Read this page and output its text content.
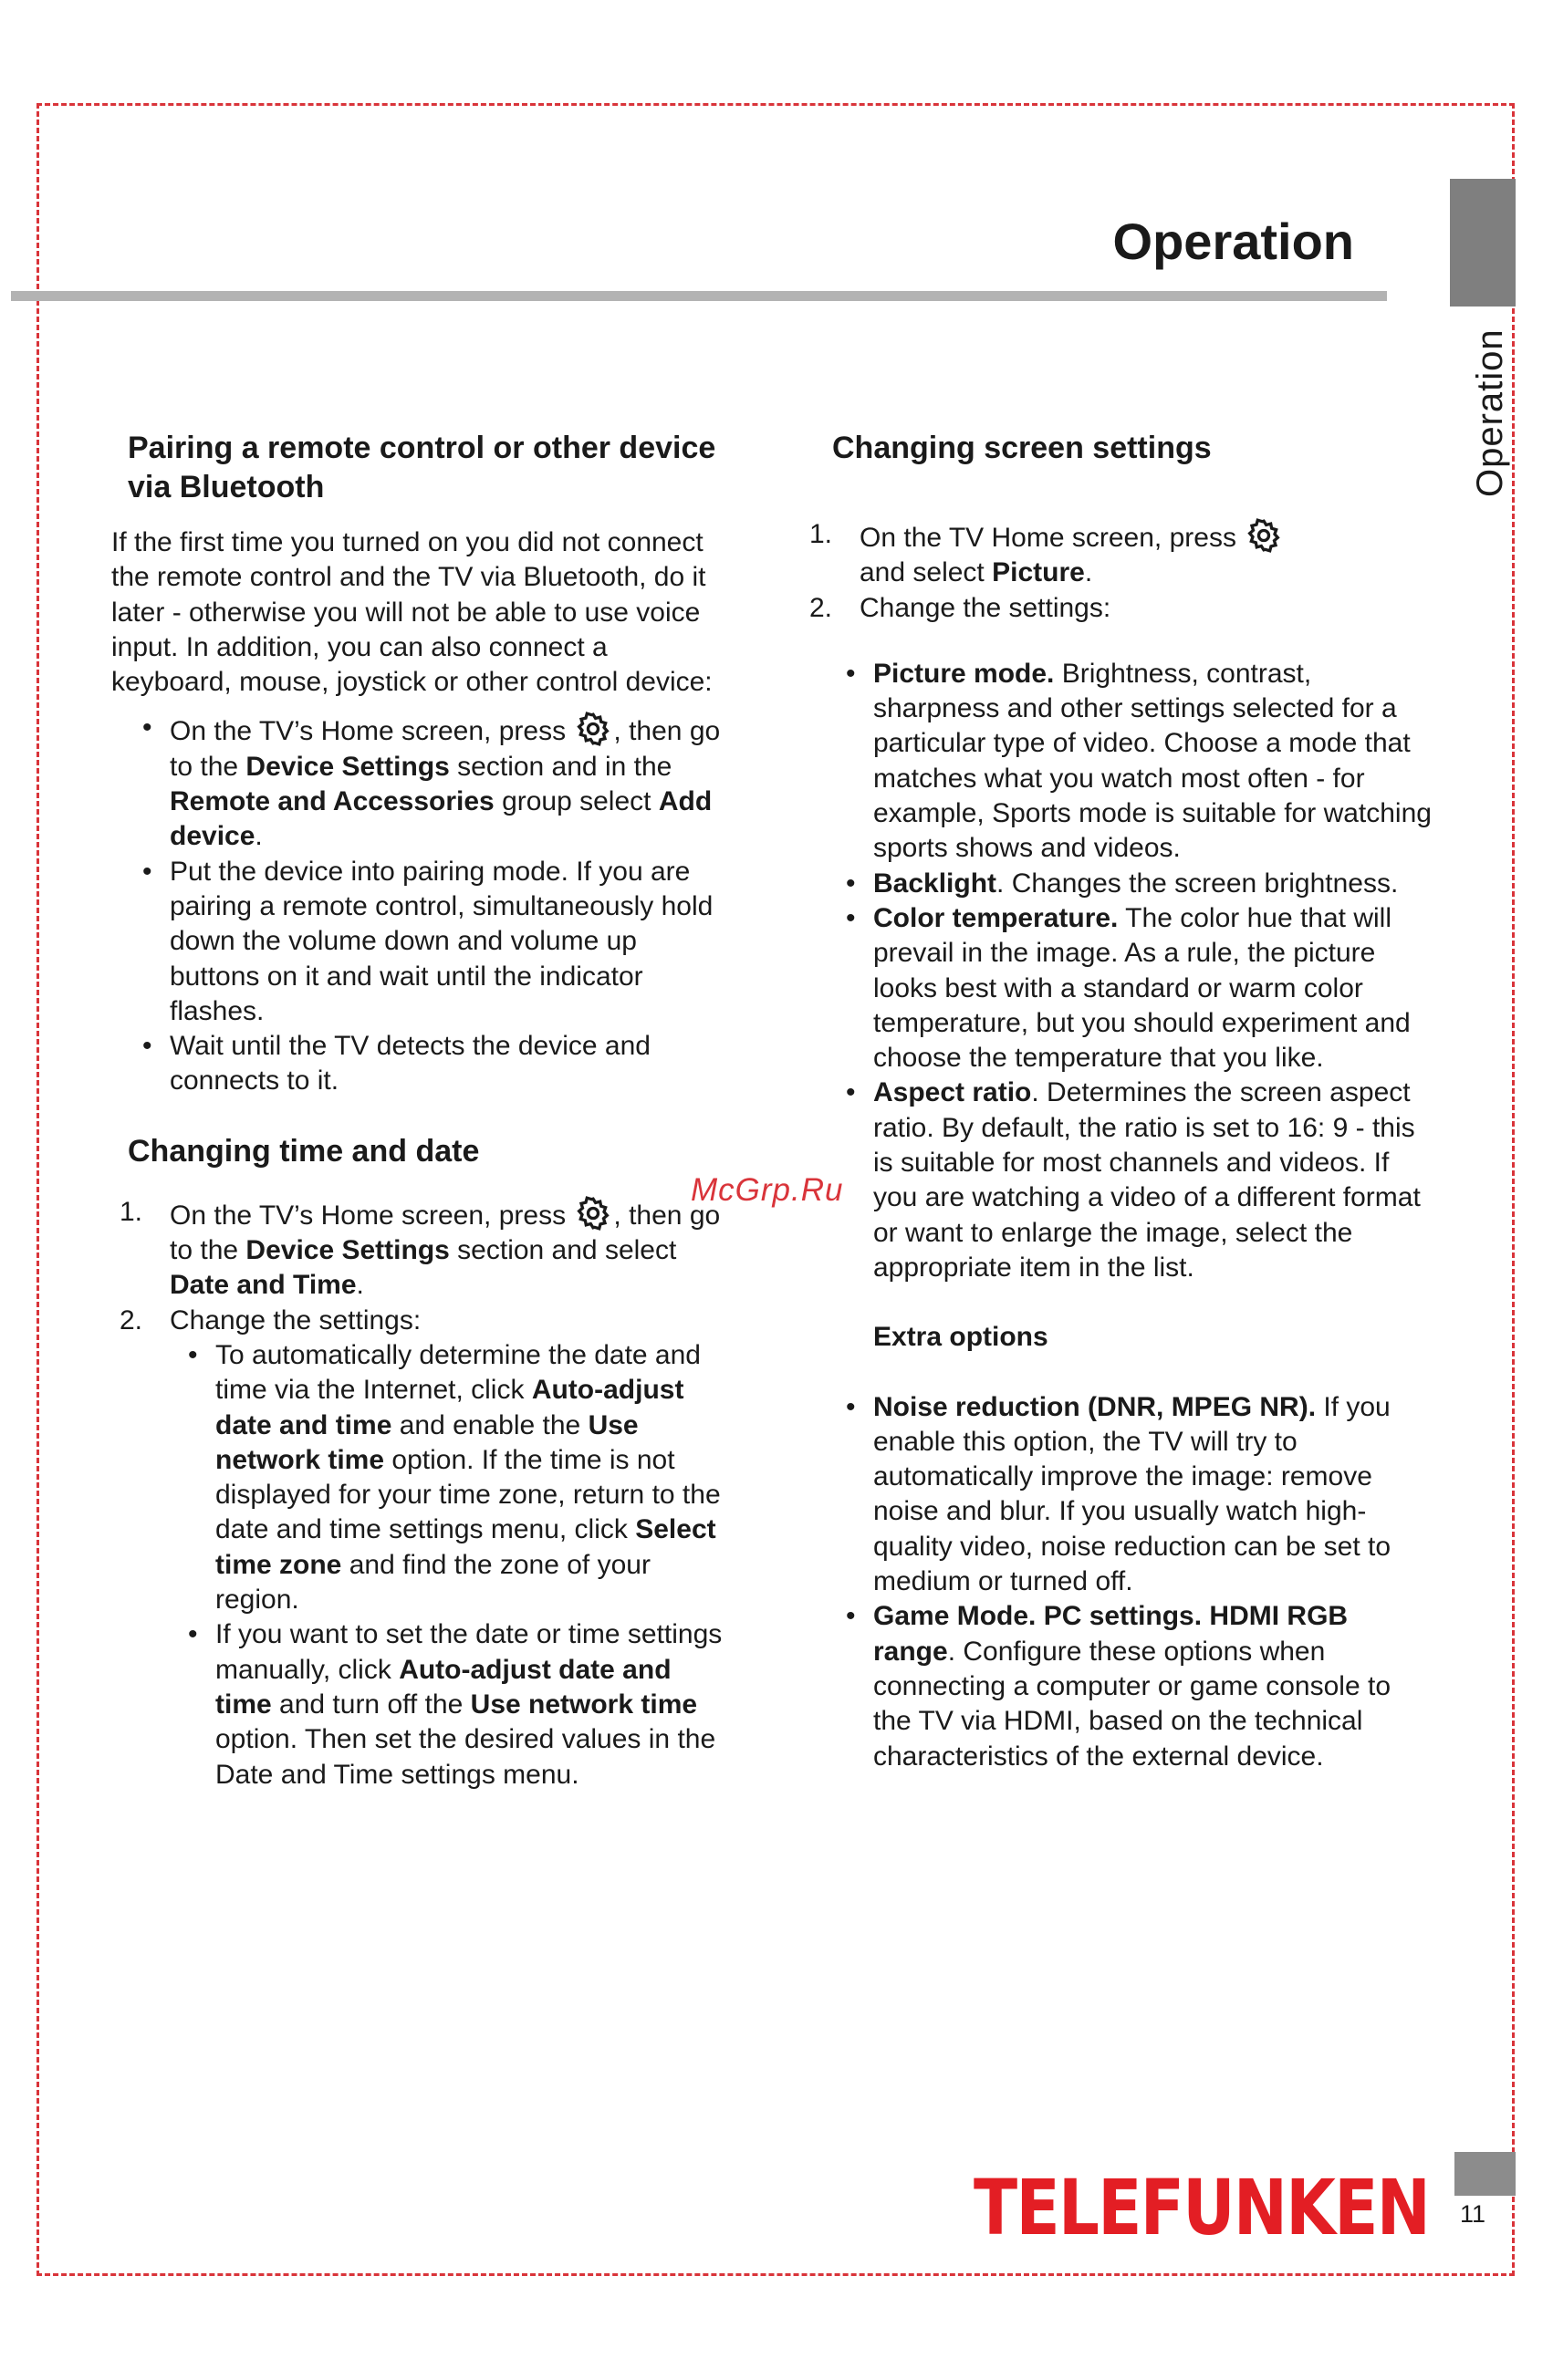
Operation
Operation
Pairing a remote control or other device via Bluetooth

If the first time you turned on you did not connect the remote control and the TV via Bluetooth, do it later - otherwise you will not be able to use voice input. In addition, you can also connect a keyboard, mouse, joystick or other control device:

• On the TV’s Home screen, press , then go to the Device Settings section and in the Remote and Accessories group select Add device.
• Put the device into pairing mode. If you are pairing a remote control, simultaneously hold down the volume down and volume up buttons on it and wait until the indicator flashes.
• Wait until the TV detects the device and connects to it.
Changing time and date
1. On the TV’s Home screen, press , then go to the Device Settings section and select Date and Time.
2. Change the settings:
• To automatically determine the date and time via the Internet, click Auto-adjust date and time and enable the Use network time option. If the time is not displayed for your time zone, return to the date and time settings menu, click Select time zone and find the zone of your region.
• If you want to set the date or time settings manually, click Auto-adjust date and time and turn off the Use network time option. Then set the desired values in the Date and Time settings menu.
Changing screen settings
1. On the TV Home screen, press
and select Picture.
2. Change the settings:
• Picture mode. Brightness, contrast, sharpness and other settings selected for a particular type of video. Choose a mode that matches what you watch most often - for example, Sports mode is suitable for watching sports shows and videos.
• Backlight. Changes the screen brightness.
• Color temperature. The color hue that will prevail in the image. As a rule, the picture looks best with a standard or warm color temperature, but you should experiment and choose the temperature that you like.
• Aspect ratio. Determines the screen aspect ratio. By default, the ratio is set to 16: 9 - this is suitable for most channels and videos. If you are watching a video of a different format or want to enlarge the image, select the appropriate item in the list.

Extra options

• Noise reduction (DNR, MPEG NR). If you enable this option, the TV will try to automatically improve the image: remove noise and blur. If you usually watch high-quality video, noise reduction can be set to medium or turned off.
• Game Mode. PC settings. HDMI RGB range. Configure these options when connecting a computer or game console to the TV via HDMI, based on the technical characteristics of the external device.
McGrp.Ru
TELEFUNKEN 11
